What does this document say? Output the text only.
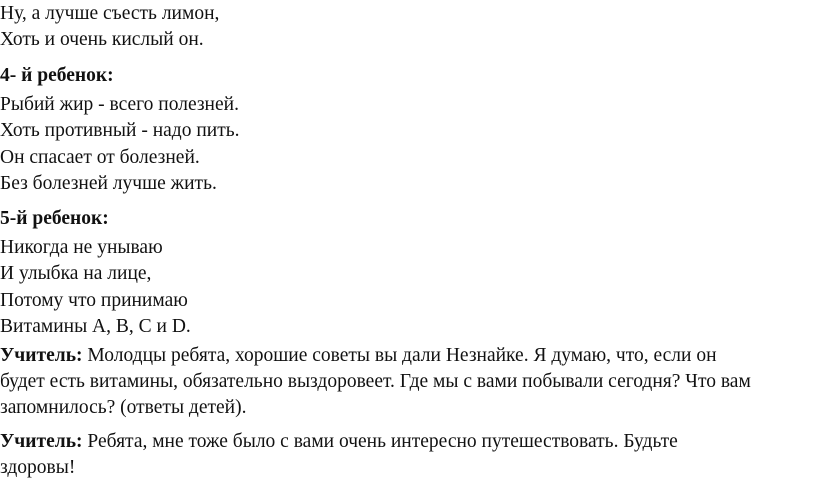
Ну, а лучше съесть лимон,
Хоть и очень кислый он.
4- й ребенок:
Рыбий жир - всего полезней.
Хоть противный - надо пить.
Он спасает от болезней.
Без болезней лучше жить.
5-й ребенок:
Никогда не унываю
И улыбка на лице,
Потому что принимаю
Витамины А, В, С и D.
Учитель: Молодцы ребята, хорошие советы вы дали Незнайке. Я думаю, что, если он
будет есть витамины, обязательно выздоровеет. Где мы с вами побывали сегодня? Что вам
запомнилось? (ответы детей).
Учитель: Ребята, мне тоже было с вами очень интересно путешествовать. Будьте
здоровы!
